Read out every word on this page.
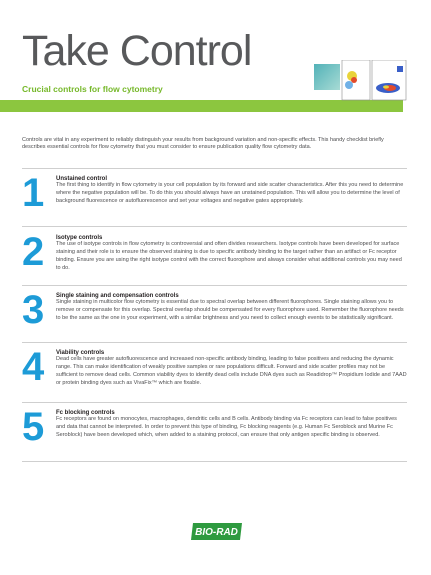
Take Control
Crucial controls for flow cytometry

Controls are vital in any experiment to reliably distinguish your results from background variation and non-specific effects. This handy checklist briefly describes essential controls for flow cytometry that you must consider to ensure publication quality flow cytometry data.

1 Unstained control
The first thing to identify in flow cytometry is your cell population by its forward and side scatter characteristics. After this you need to determine where the negative population will be. To do this you should always have an unstained population. This will allow you to determine the level of background fluorescence or autofluorescence and set your voltages and negative gates appropriately.
2 Isotype controls
The use of isotype controls in flow cytometry is controversial and often divides researchers. Isotype controls have been developed for surface staining and their role is to ensure the observed staining is due to specific antibody binding to the target rather than an artifact or Fc receptor binding. Ensure you are using the right isotype control with the correct fluorophore and always consider what additional controls you may need to do.
3 Single staining and compensation controls
Single staining in multicolor flow cytometry is essential due to spectral overlap between different fluorophores. Single staining allows you to remove or compensate for this overlap. Spectral overlap should be compensated for every fluorophore used. Remember the fluorophore needs to be the same as the one in your experiment, with a similar brightness and you need to collect enough events to be statistically significant.
4 Viability controls
Dead cells have greater autofluorescence and increased non-specific antibody binding, leading to false positives and reducing the dynamic range. This can make identification of weakly positive samples or rare populations difficult. Forward and side scatter profiles may not be sufficient to remove dead cells. Common viability dyes to identify dead cells include DNA dyes such as Readidrop™ Propidium Iodide and 7AAD or protein binding dyes such as VivaFix™ which are fixable.
5 Fc blocking controls
Fc receptors are found on monocytes, macrophages, dendritic cells and B cells. Antibody binding via Fc receptors can lead to false positives and data that cannot be interpreted. In order to prevent this type of binding, Fc blocking reagents (e.g. Human Fc Seroblock and Murine Fc Seroblock) have been developed which, when added to a staining protocol, can ensure that only antigen specific binding is observed.
BIO-RAD
